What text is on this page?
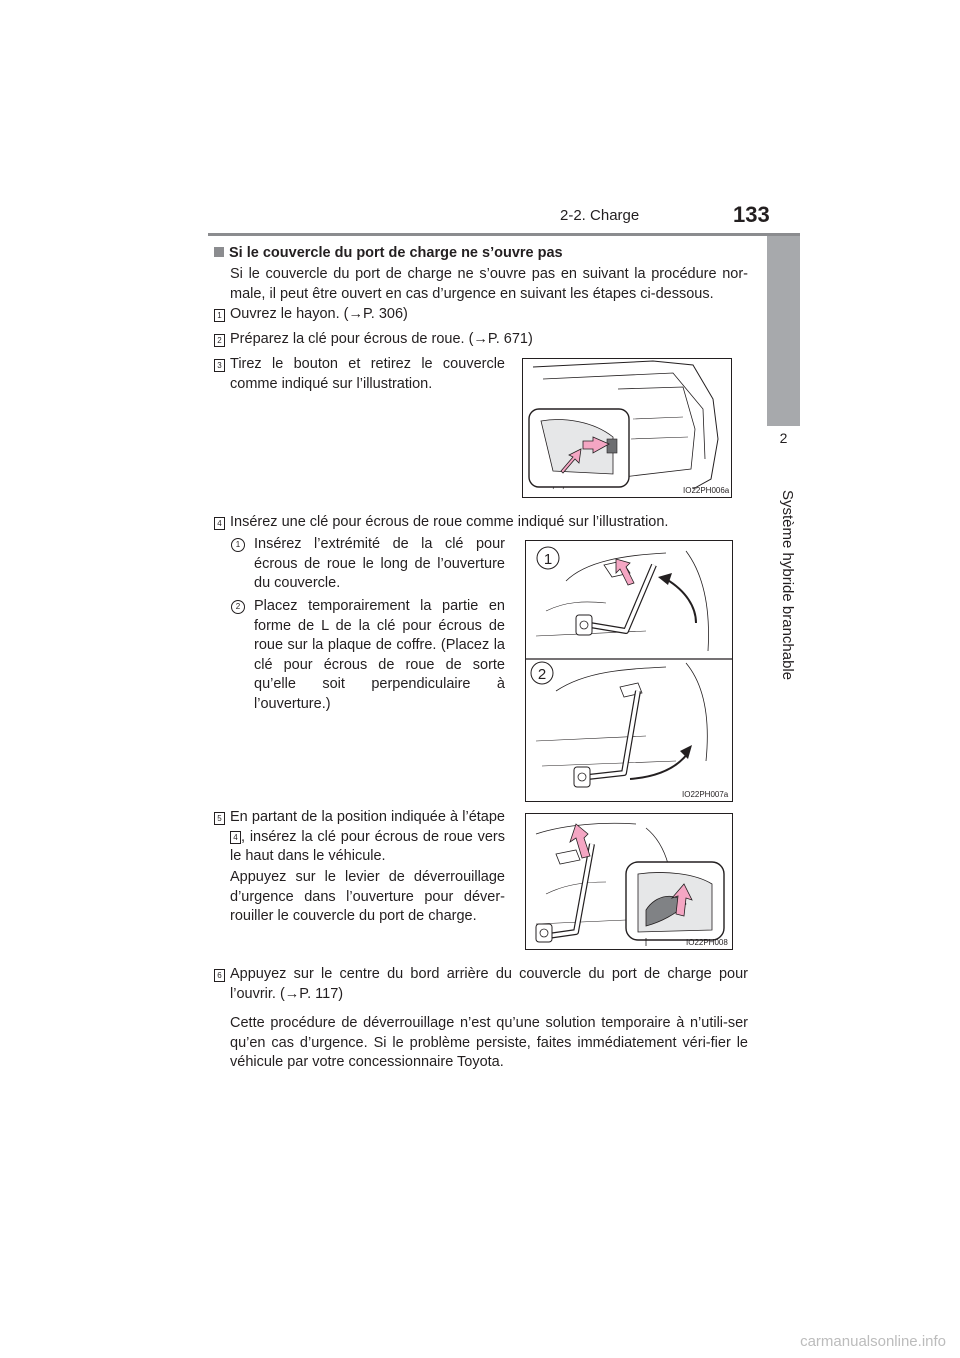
2-2. Charge	133
2
Système hybride branchable
Si le couvercle du port de charge ne s’ouvre pas
Si le couvercle du port de charge ne s’ouvre pas en suivant la procédure nor-male, il peut être ouvert en cas d’urgence en suivant les étapes ci-dessous.
1 Ouvrez le hayon. (→P. 306)
2 Préparez la clé pour écrous de roue. (→P. 671)
3 Tirez le bouton et retirez le couvercle comme indiqué sur l’illustration.
IO22PH006a
4 Insérez une clé pour écrous de roue comme indiqué sur l’illustration.
1 Insérez l’extrémité de la clé pour écrous de roue le long de l’ouverture du couvercle.
2 Placez temporairement la partie en forme de L de la clé pour écrous de roue sur la plaque de coffre. (Placez la clé pour écrous de roue de sorte qu’elle soit perpendiculaire à l’ouverture.)
1
2
IO22PH007a
5 En partant de la position indiquée à l’étape 4 , insérez la clé pour écrous de roue vers le haut dans le véhicule.
Appuyez sur le levier de déverrouillage d’urgence dans l’ouverture pour déver-rouiller le couvercle du port de charge.
IO22PH008
6 Appuyez sur le centre du bord arrière du couvercle du port de charge pour l’ouvrir. (→P. 117)
Cette procédure de déverrouillage n’est qu’une solution temporaire à n’utili-ser qu’en cas d’urgence. Si le problème persiste, faites immédiatement véri-fier le véhicule par votre concessionnaire Toyota.
carmanualsonline.info
